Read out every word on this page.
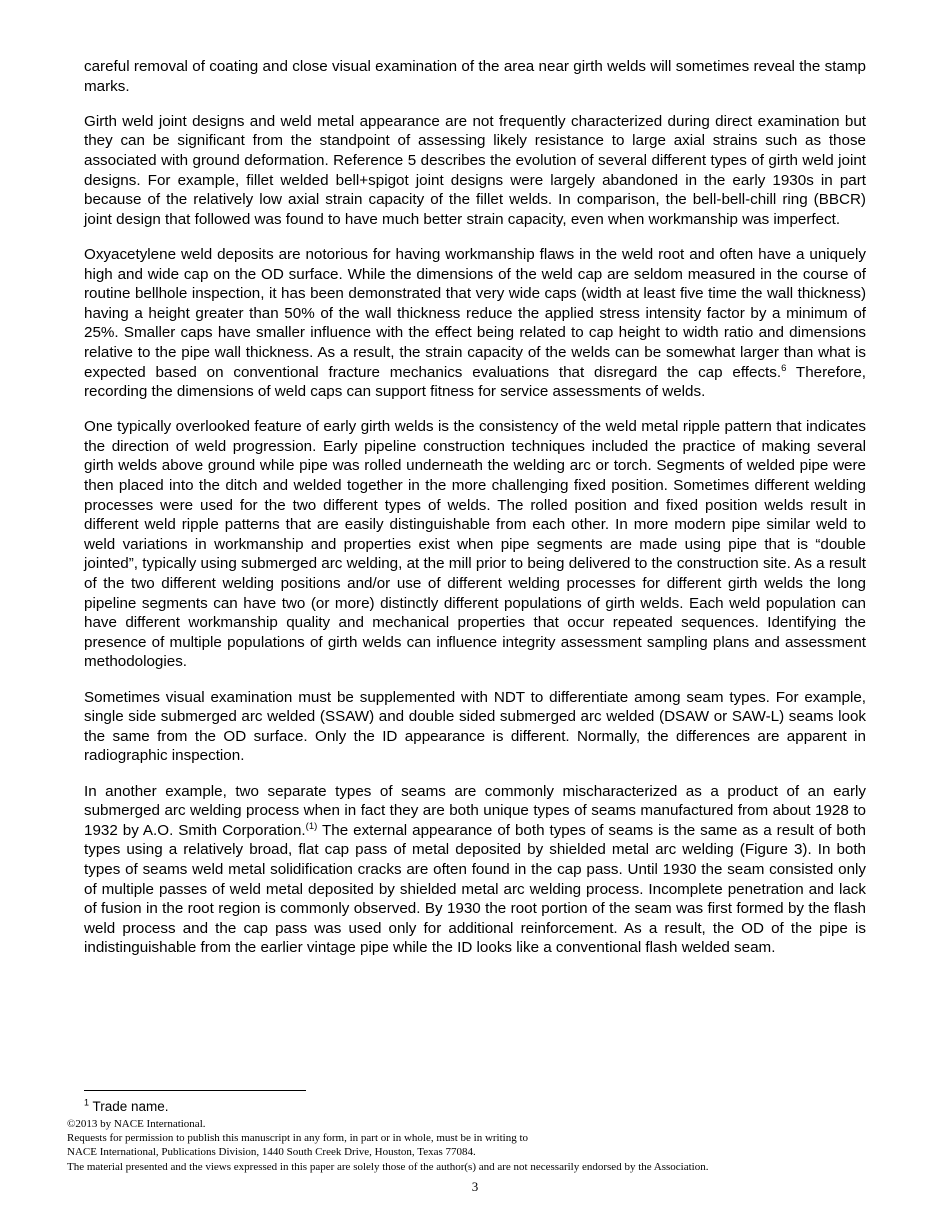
careful removal of coating and close visual examination of the area near girth welds will sometimes reveal the stamp marks.

Girth weld joint designs and weld metal appearance are not frequently characterized during direct examination but they can be significant from the standpoint of assessing likely resistance to large axial strains such as those associated with ground deformation. Reference 5 describes the evolution of several different types of girth weld joint designs. For example, fillet welded bell+spigot joint designs were largely abandoned in the early 1930s in part because of the relatively low axial strain capacity of the fillet welds. In comparison, the bell-bell-chill ring (BBCR) joint design that followed was found to have much better strain capacity, even when workmanship was imperfect.

Oxyacetylene weld deposits are notorious for having workmanship flaws in the weld root and often have a uniquely high and wide cap on the OD surface. While the dimensions of the weld cap are seldom measured in the course of routine bellhole inspection, it has been demonstrated that very wide caps (width at least five time the wall thickness) having a height greater than 50% of the wall thickness reduce the applied stress intensity factor by a minimum of 25%. Smaller caps have smaller influence with the effect being related to cap height to width ratio and dimensions relative to the pipe wall thickness. As a result, the strain capacity of the welds can be somewhat larger than what is expected based on conventional fracture mechanics evaluations that disregard the cap effects.$^6$ Therefore, recording the dimensions of weld caps can support fitness for service assessments of welds.

One typically overlooked feature of early girth welds is the consistency of the weld metal ripple pattern that indicates the direction of weld progression. Early pipeline construction techniques included the practice of making several girth welds above ground while pipe was rolled underneath the welding arc or torch. Segments of welded pipe were then placed into the ditch and welded together in the more challenging fixed position. Sometimes different welding processes were used for the two different types of welds. The rolled position and fixed position welds result in different weld ripple patterns that are easily distinguishable from each other. In more modern pipe similar weld to weld variations in workmanship and properties exist when pipe segments are made using pipe that is “double jointed”, typically using submerged arc welding, at the mill prior to being delivered to the construction site. As a result of the two different welding positions and/or use of different welding processes for different girth welds the long pipeline segments can have two (or more) distinctly different populations of girth welds. Each weld population can have different workmanship quality and mechanical properties that occur repeated sequences. Identifying the presence of multiple populations of girth welds can influence integrity assessment sampling plans and assessment methodologies.

Sometimes visual examination must be supplemented with NDT to differentiate among seam types. For example, single side submerged arc welded (SSAW) and double sided submerged arc welded (DSAW or SAW-L) seams look the same from the OD surface. Only the ID appearance is different. Normally, the differences are apparent in radiographic inspection.

In another example, two separate types of seams are commonly mischaracterized as a product of an early submerged arc welding process when in fact they are both unique types of seams manufactured from about 1928 to 1932 by A.O. Smith Corporation.$^{(1)}$ The external appearance of both types of seams is the same as a result of both types using a relatively broad, flat cap pass of metal deposited by shielded metal arc welding (Figure 3). In both types of seams weld metal solidification cracks are often found in the cap pass. Until 1930 the seam consisted only of multiple passes of weld metal deposited by shielded metal arc welding process. Incomplete penetration and lack of fusion in the root region is commonly observed. By 1930 the root portion of the seam was first formed by the flash weld process and the cap pass was used only for additional reinforcement. As a result, the OD of the pipe is indistinguishable from the earlier vintage pipe while the ID looks like a conventional flash welded seam.

$^1$ Trade name.
©2013 by NACE International.
Requests for permission to publish this manuscript in any form, in part or in whole, must be in writing to
NACE International, Publications Division, 1440 South Creek Drive, Houston, Texas 77084.
The material presented and the views expressed in this paper are solely those of the author(s) and are not necessarily endorsed by the Association.
3
